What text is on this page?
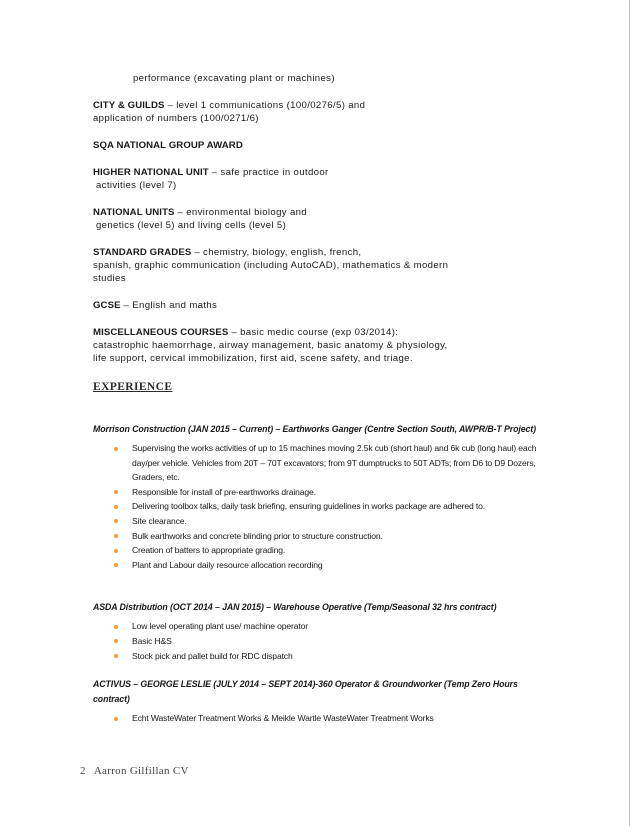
performance (excavating plant or machines)
CITY & GUILDS – level 1 communications (100/0276/5) and
application of numbers (100/0271/6)
SQA NATIONAL GROUP AWARD
HIGHER NATIONAL UNIT – safe practice in outdoor
activities (level 7)
NATIONAL UNITS – environmental biology and
genetics (level 5) and living cells (level 5)
STANDARD GRADES – chemistry, biology, english, french,
spanish, graphic communication (including AutoCAD), mathematics & modern
studies
GCSE – English and maths
MISCELLANEOUS COURSES – basic medic course (exp 03/2014):
catastrophic haemorrhage, airway management, basic anatomy & physiology,
life support, cervical immobilization, first aid, scene safety, and triage.
EXPERIENCE
Morrison Construction (JAN 2015 – Current) – Earthworks Ganger (Centre Section South, AWPR/B-T Project)
Supervising the works activities of up to 15 machines moving 2.5k cub (short haul) and 6k cub (long haul) each day/per vehicle. Vehicles from 20T – 70T excavators; from 9T dumptrucks to 50T ADTs; from D6 to D9 Dozers, Graders, etc.
Responsible for install of pre-earthworks drainage.
Delivering toolbox talks, daily task briefing, ensuring guidelines in works package are adhered to.
Site clearance.
Bulk earthworks and concrete blinding prior to structure construction.
Creation of batters to appropriate grading.
Plant and Labour daily resource allocation recording
ASDA Distribution (OCT 2014 – JAN 2015) – Warehouse Operative (Temp/Seasonal 32 hrs contract)
Low level operating plant use/ machine operator
Basic H&S
Stock pick and pallet build for RDC dispatch
ACTIVUS – GEORGE LESLIE (JULY 2014 – SEPT 2014)-360 Operator & Groundworker (Temp Zero Hours contract)
Echt WasteWater Treatment Works & Meikle Wartle WasteWater Treatment Works
2 Aarron Gilfillan CV
